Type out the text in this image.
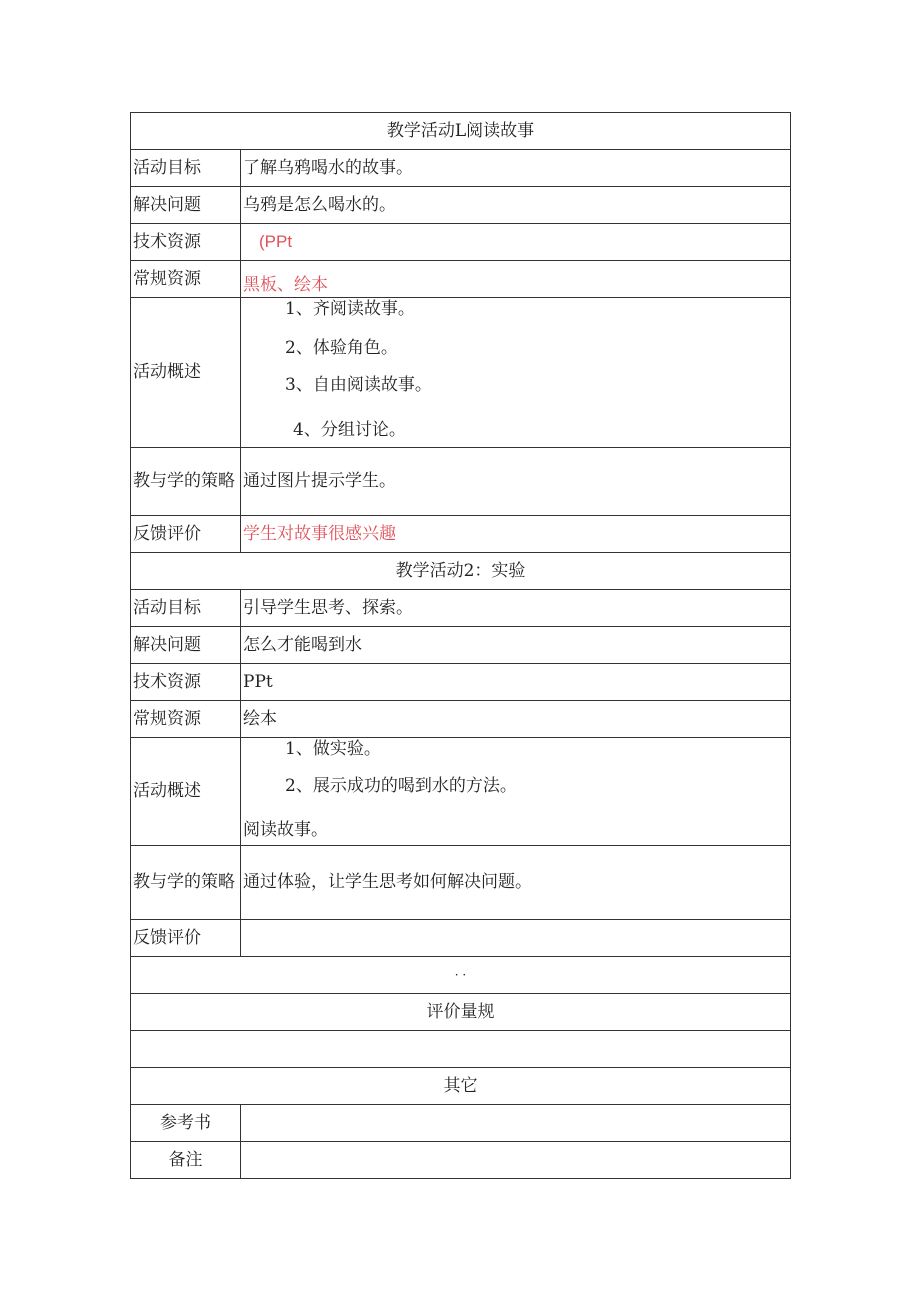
教学活动L阅读故事	
活动目标	了解乌鸦喝水的故事。
解决问题	乌鸦是怎么喝水的。
技术资源	(PPt
常规资源	黑板、绘本
活动概述	1、齐阅读故事。
2、体验角色。
3、自由阅读故事。
4、分组讨论。

教与学的策略	通过图片提示学生。
反馈评价	学生对故事很感兴趣
教学活动2：实验	
活动目标	引导学生思考、探索。
解决问题	怎么才能喝到水
技术资源	PPt
常规资源	绘本
活动概述	1、做实验。
2、展示成功的喝到水的方法。
阅读故事。

教与学的策略	通过体验，让学生思考如何解决问题。
反馈评价	
· ·	
评价量规	

其它	
参考书	
备注	
